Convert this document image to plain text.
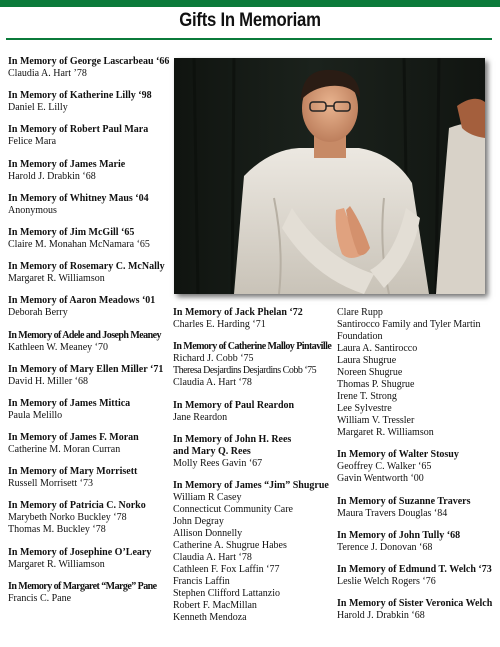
Gifts In Memoriam
In Memory of George Lascarbeau ‘66
Claudia A. Hart ’78
In Memory of Katherine Lilly ‘98
Daniel E. Lilly
In Memory of Robert Paul Mara
Felice Mara
In Memory of James Marie
Harold J. Drabkin ‘68
In Memory of Whitney Maus ‘04
Anonymous
In Memory of Jim McGill ‘65
Claire M. Monahan McNamara ‘65
In Memory of Rosemary C. McNally
Margaret R. Williamson
In Memory of Aaron Meadows ‘01
Deborah Berry
In Memory of Adele and Joseph Meaney
Kathleen W. Meaney ‘70
In Memory of Mary Ellen Miller ‘71
David H. Miller ‘68
In Memory of James Mittica
Paula Melillo
In Memory of James F. Moran
Catherine M. Moran Curran
In Memory of Mary Morrisett
Russell Morrisett ‘73
In Memory of Patricia C. Norko
Marybeth Norko Buckley ‘78
Thomas M. Buckley ‘78
In Memory of Josephine O’Leary
Margaret R. Williamson
In Memory of Margaret “Marge” Pane
Francis C. Pane
In Memory of Jack Phelan ‘72
Charles E. Harding ‘71
In Memory of Catherine Malloy Pintaville
Richard J. Cobb ‘75
Theresa Desjardins Desjardins Cobb ‘75
Claudia A. Hart ‘78
In Memory of Paul Reardon
Jane Reardon
In Memory of John H. Rees
and Mary Q. Rees
Molly Rees Gavin ‘67
In Memory of James “Jim” Shugrue
William R Casey
Connecticut Community Care
John Degray
Allison Donnelly
Catherine A. Shugrue Habes
Claudia A. Hart ‘78
Cathleen F. Fox Laffin ‘77
Francis Laffin
Stephen Clifford Lattanzio
Robert F. MacMillan
Kenneth Mendoza
Clare Rupp
Santirocco Family and Tyler Martin Foundation
Laura A. Santirocco
Laura Shugrue
Noreen Shugrue
Thomas P. Shugrue
Irene T. Strong
Lee Sylvestre
William V. Tressler
Margaret R. Williamson
In Memory of Walter Stosuy
Geoffrey C. Walker ‘65
Gavin Wentworth ‘00
In Memory of Suzanne Travers
Maura Travers Douglas ‘84
In Memory of John Tully ‘68
Terence J. Donovan ‘68
In Memory of Edmund T. Welch ‘73
Leslie Welch Rogers ‘76
In Memory of Sister Veronica Welch
Harold J. Drabkin ‘68
